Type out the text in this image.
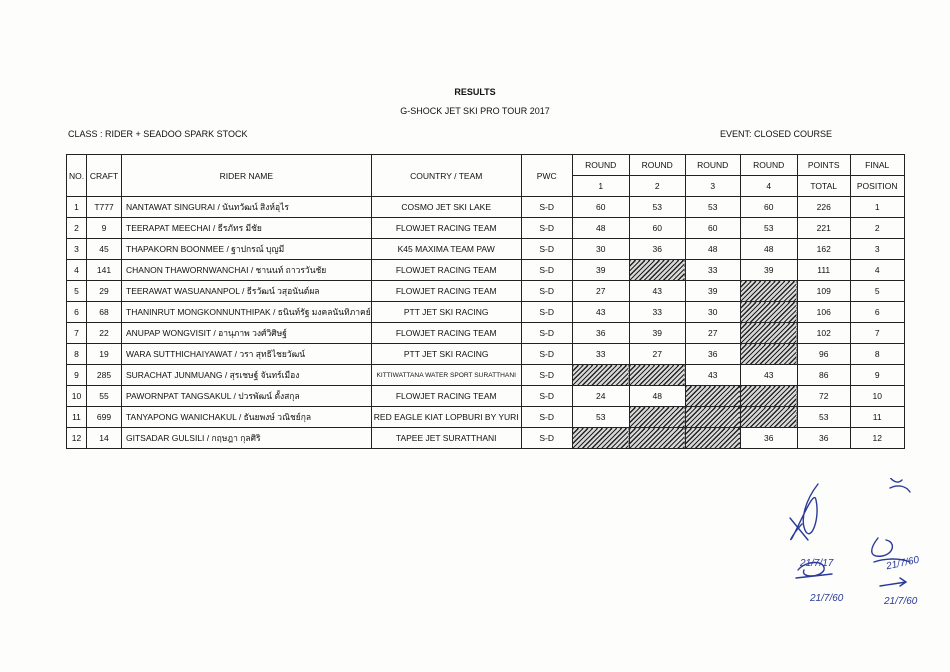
RESULTS
G-SHOCK JET SKI PRO TOUR 2017
CLASS : RIDER + SEADOO SPARK STOCK	EVENT: CLOSED COURSE
NO.	CRAFT	RIDER NAME	COUNTRY / TEAM	PWC	ROUND	ROUND	ROUND	ROUND	POINTS	FINAL
					1	2	3	4	TOTAL	POSITION
1	T777	NANTAWAT SINGURAI / นันทวัฒน์ สิงห์อุไร	COSMO JET SKI LAKE	S-D	60	53	53	60	226	1
2	9	TEERAPAT MEECHAI / ธีรภัทร มีชัย	FLOWJET RACING TEAM	S-D	48	60	60	53	221	2
3	45	THAPAKORN BOONMEE / ฐาปกรณ์ บุญมี	K45 MAXIMA TEAM PAW	S-D	30	36	48	48	162	3
4	141	CHANON THAWORNWANCHAI / ชานนท์ ถาวรวันชัย	FLOWJET RACING TEAM	S-D	39		33	39	111	4
5	29	TEERAWAT WASUANANPOL / ธีรวัฒน์ วสุอนันต์ผล	FLOWJET RACING TEAM	S-D	27	43	39		109	5
6	68	THANINRUT MONGKONNUNTHIPAK / ธนินท์รัฐ มงคลนันทิภาคย์	PTT JET SKI RACING	S-D	43	33	30		106	6
7	22	ANUPAP WONGVISIT / อานุภาพ วงศ์วิศิษฐ์	FLOWJET RACING TEAM	S-D	36	39	27		102	7
8	19	WARA SUTTHICHAIYAWAT / วรา สุทธิไชยวัฒน์	PTT JET SKI RACING	S-D	33	27	36		96	8
9	285	SURACHAT JUNMUANG / สุรเชษฐ์ จันทร์เมือง	KITTIWATTANA WATER SPORT SURATTHANI	S-D			43	43	86	9
10	55	PAWORNPAT TANGSAKUL / ปวรพัฒน์ ตั้งสกุล	FLOWJET RACING TEAM	S-D	24	48			72	10
11	699	TANYAPONG WANICHAKUL / ธันยพงษ์ วณิชย์กุล	RED EAGLE KIAT LOPBURI BY YURI	S-D	53				53	11
12	14	GITSADAR GULSILI / กฤษฎา กุลศิริ	TAPEE JET SURATTHANI	S-D				36	36	12
21/7/17
21/7/60
21/7/60
21/7/60
